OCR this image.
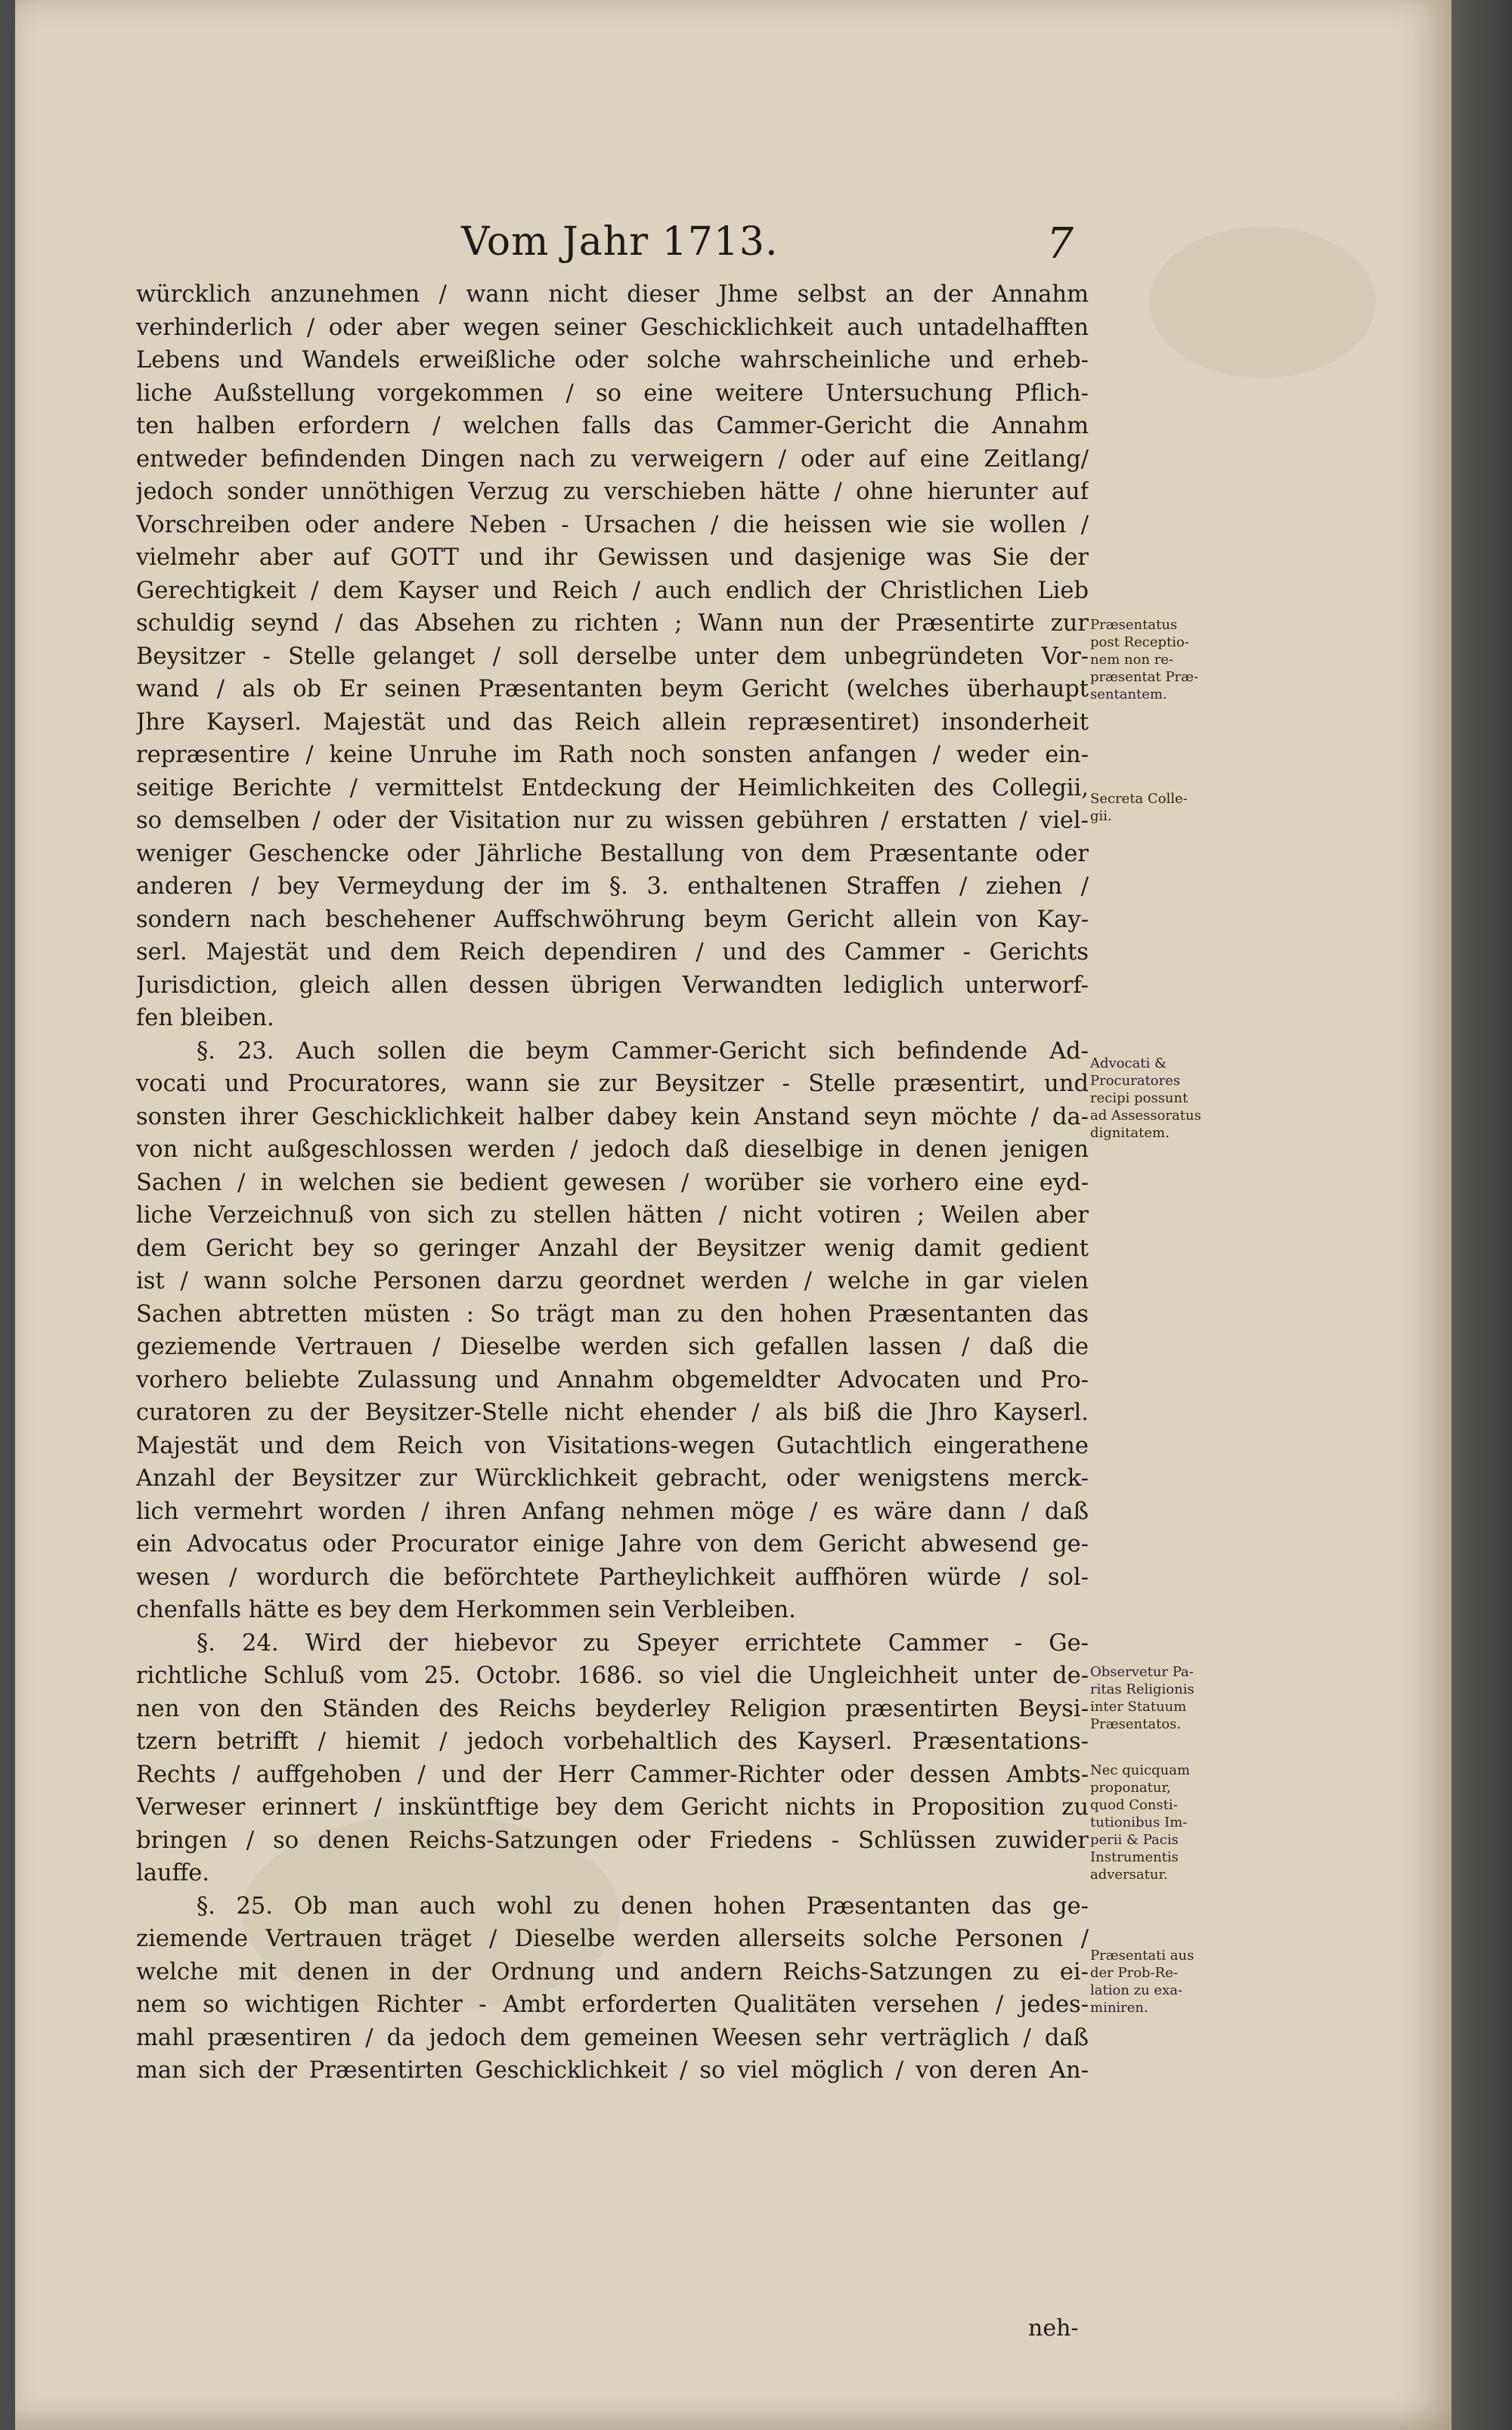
Vom Jahr 1713.	7
würcklich anzunehmen / wann nicht dieser Jhme selbst an der Annahm
verhinderlich / oder aber wegen seiner Geschicklichkeit auch untadelhafften
Lebens und Wandels erweißliche oder solche wahrscheinliche und erheb-
liche Außstellung vorgekommen / so eine weitere Untersuchung Pflich-
ten halben erfordern / welchen falls das Cammer-Gericht die Annahm
entweder befindenden Dingen nach zu verweigern / oder auf eine Zeitlang/
jedoch sonder unnöthigen Verzug zu verschieben hätte / ohne hierunter auf
Vorschreiben oder andere Neben - Ursachen / die heissen wie sie wollen /
vielmehr aber auf GOTT und ihr Gewissen und dasjenige was Sie der
Gerechtigkeit / dem Kayser und Reich / auch endlich der Christlichen Lieb
schuldig seynd / das Absehen zu richten ; Wann nun der Præsentirte zur
Beysitzer - Stelle gelanget / soll derselbe unter dem unbegründeten Vor-
wand / als ob Er seinen Præsentanten beym Gericht (welches überhaupt
Jhre Kayserl. Majestät und das Reich allein repræsentiret) insonderheit
repræsentire / keine Unruhe im Rath noch sonsten anfangen / weder ein-
seitige Berichte / vermittelst Entdeckung der Heimlichkeiten des Collegii,
so demselben / oder der Visitation nur zu wissen gebühren / erstatten / viel-
weniger Geschencke oder Jährliche Bestallung von dem Præsentante oder
anderen / bey Vermeydung der im §. 3. enthaltenen Straffen / ziehen /
sondern nach beschehener Auffschwöhrung beym Gericht allein von Kay-
serl. Majestät und dem Reich dependiren / und des Cammer - Gerichts
Jurisdiction, gleich allen dessen übrigen Verwandten lediglich unterworf-
fen bleiben.
§. 23. Auch sollen die beym Cammer-Gericht sich befindende Ad-
vocati und Procuratores, wann sie zur Beysitzer - Stelle præsentirt, und
sonsten ihrer Geschicklichkeit halber dabey kein Anstand seyn möchte / da-
von nicht außgeschlossen werden / jedoch daß dieselbige in denen jenigen
Sachen / in welchen sie bedient gewesen / worüber sie vorhero eine eyd-
liche Verzeichnuß von sich zu stellen hätten / nicht votiren ; Weilen aber
dem Gericht bey so geringer Anzahl der Beysitzer wenig damit gedient
ist / wann solche Personen darzu geordnet werden / welche in gar vielen
Sachen abtretten müsten : So trägt man zu den hohen Præsentanten das
geziemende Vertrauen / Dieselbe werden sich gefallen lassen / daß die
vorhero beliebte Zulassung und Annahm obgemeldter Advocaten und Pro-
curatoren zu der Beysitzer-Stelle nicht ehender / als biß die Jhro Kayserl.
Majestät und dem Reich von Visitations-wegen Gutachtlich eingerathene
Anzahl der Beysitzer zur Würcklichkeit gebracht, oder wenigstens merck-
lich vermehrt worden / ihren Anfang nehmen möge / es wäre dann / daß
ein Advocatus oder Procurator einige Jahre von dem Gericht abwesend ge-
wesen / wordurch die beförchtete Partheylichkeit auffhören würde / sol-
chenfalls hätte es bey dem Herkommen sein Verbleiben.
§. 24. Wird der hiebevor zu Speyer errichtete Cammer - Ge-
richtliche Schluß vom 25. Octobr. 1686. so viel die Ungleichheit unter de-
nen von den Ständen des Reichs beyderley Religion præsentirten Beysi-
tzern betrifft / hiemit / jedoch vorbehaltlich des Kayserl. Præsentations-
Rechts / auffgehoben / und der Herr Cammer-Richter oder dessen Ambts-
Verweser erinnert / insküntftige bey dem Gericht nichts in Proposition zu
bringen / so denen Reichs-Satzungen oder Friedens - Schlüssen zuwider
lauffe.
§. 25. Ob man auch wohl zu denen hohen Præsentanten das ge-
ziemende Vertrauen träget / Dieselbe werden allerseits solche Personen /
welche mit denen in der Ordnung und andern Reichs-Satzungen zu ei-
nem so wichtigen Richter - Ambt erforderten Qualitäten versehen / jedes-
mahl præsentiren / da jedoch dem gemeinen Weesen sehr verträglich / daß
man sich der Præsentirten Geschicklichkeit / so viel möglich / von deren An-
neh-
Præsentatus
post Receptio-
nem non re-
præsentat Præ-
sentantem.
Secreta Colle-
gii.
Advocati &
Procuratores
recipi possunt
ad Assessoratus
dignitatem.
Observetur Pa-
ritas Religionis
inter Statuum
Præsentatos.
Nec quicquam
proponatur,
quod Consti-
tutionibus Im-
perii & Pacis
Instrumentis
adversatur.
Præsentati aus
der Prob-Re-
lation zu exa-
miniren.
